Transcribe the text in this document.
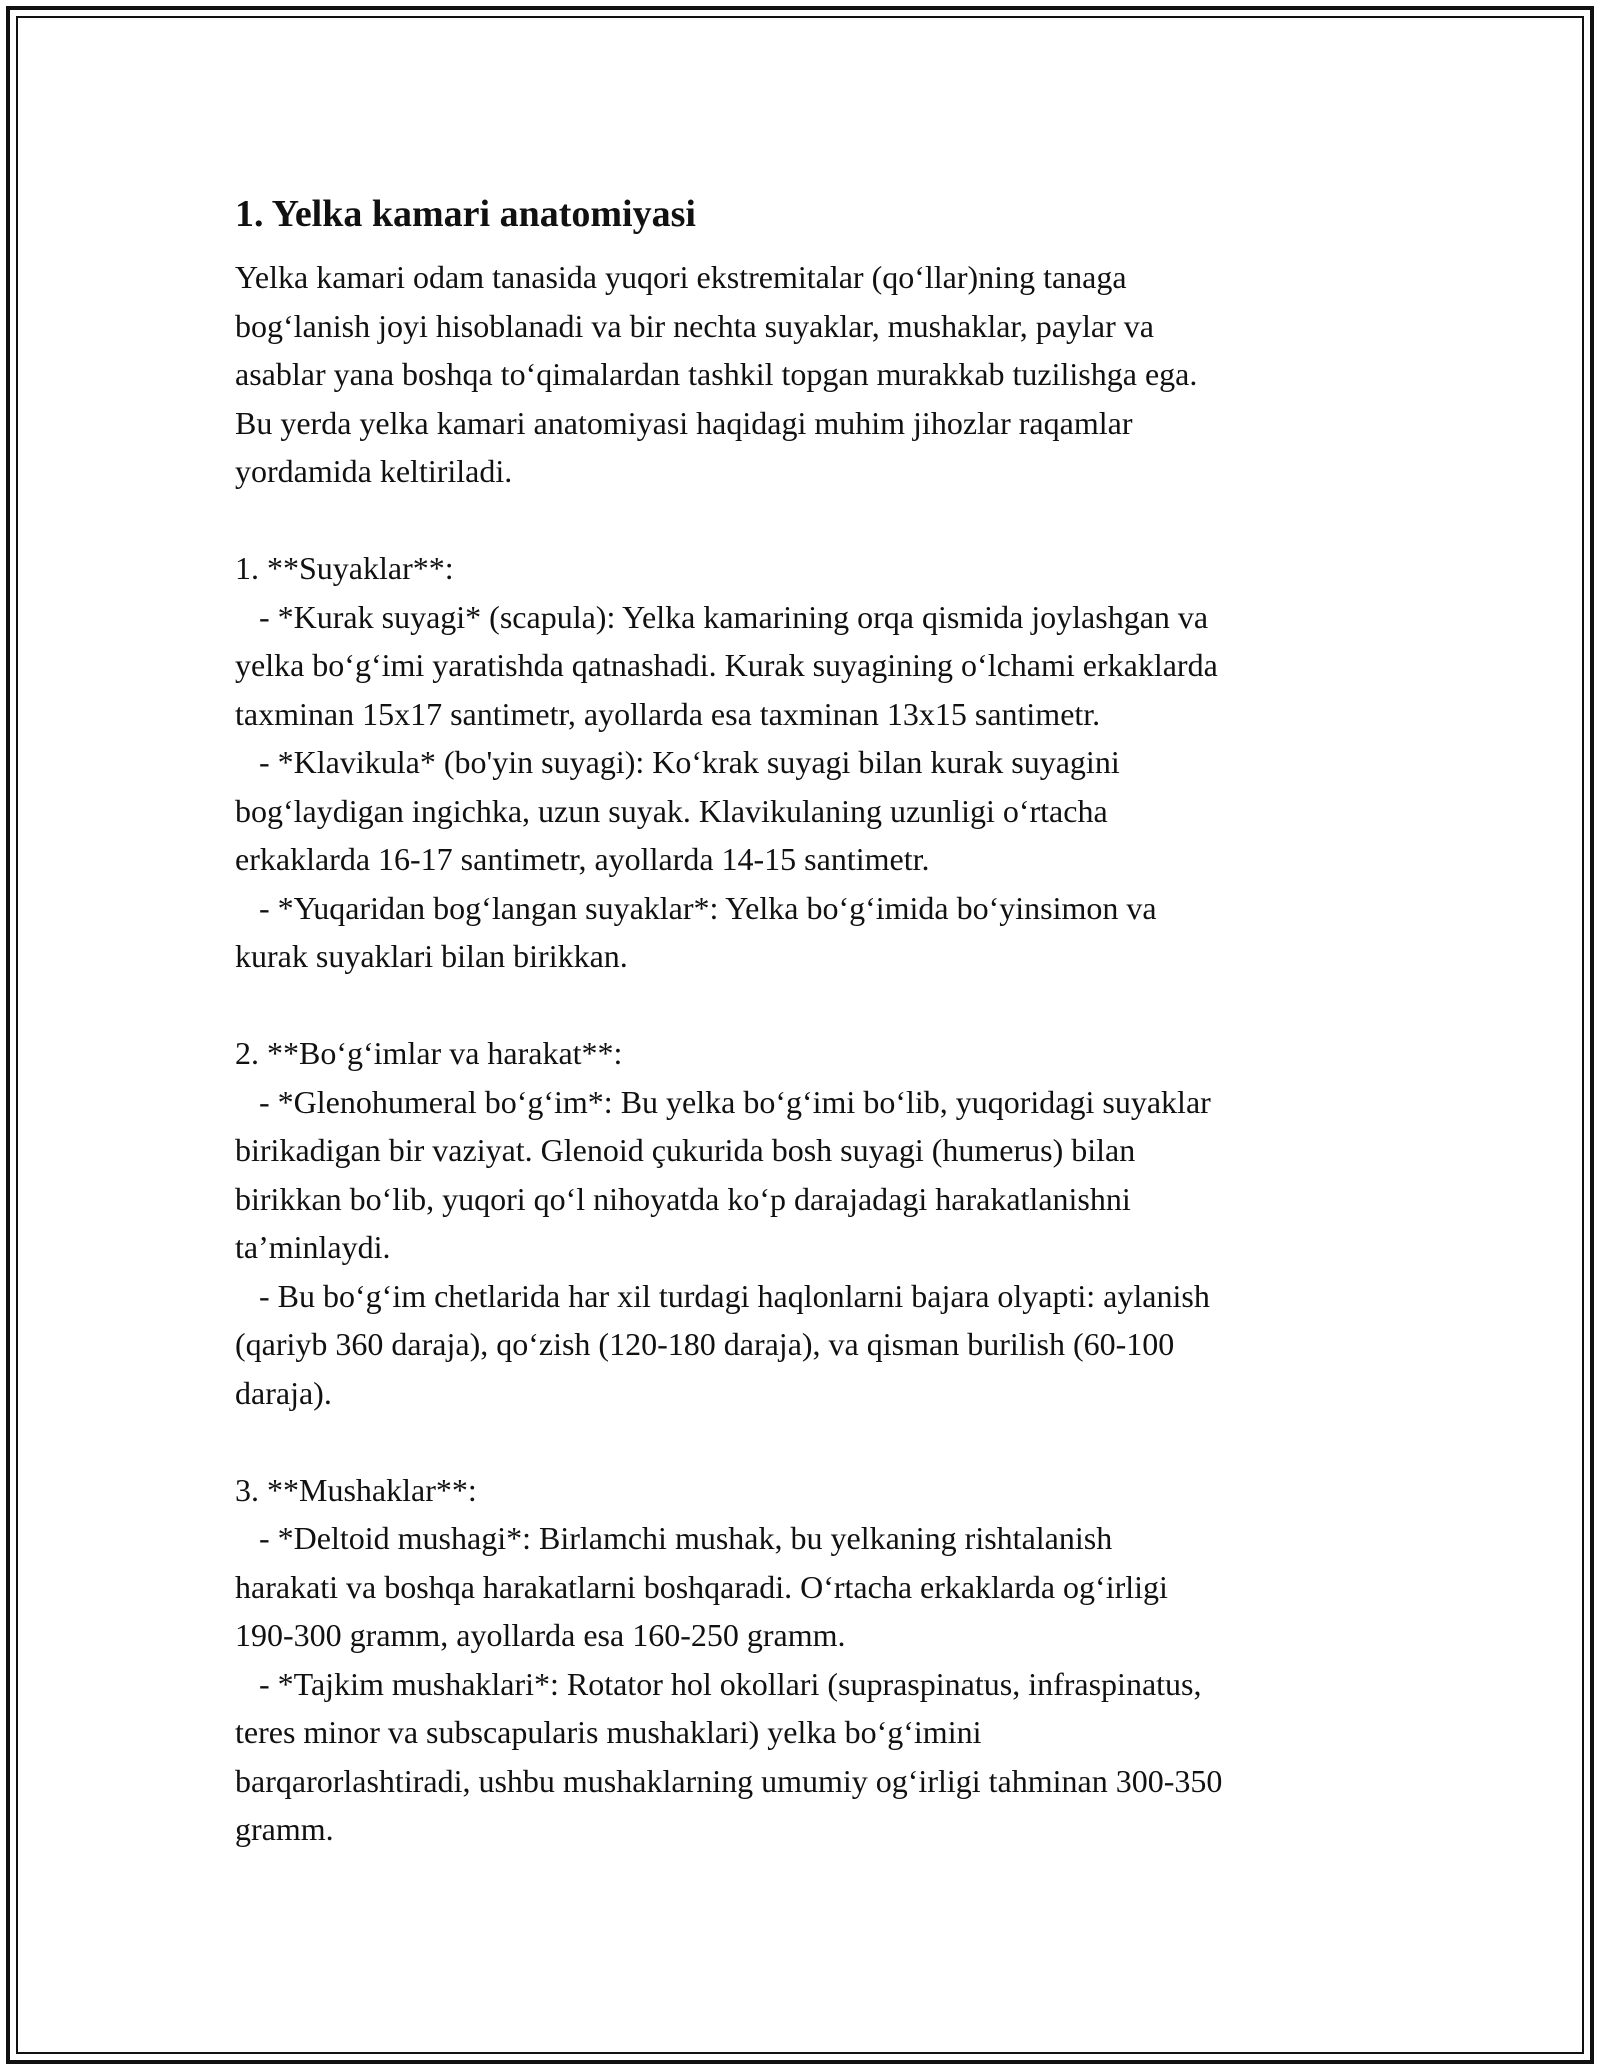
1. Yelka kamari anatomiyasi
Yelka kamari odam tanasida yuqori ekstremitalar (qo‘llar)ning tanaga
bog‘lanish joyi hisoblanadi va bir nechta suyaklar, mushaklar, paylar va
asablar yana boshqa to‘qimalardan tashkil topgan murakkab tuzilishga ega.
Bu yerda yelka kamari anatomiyasi haqidagi muhim jihozlar raqamlar
yordamida keltiriladi.
1. **Suyaklar**:
- *Kurak suyagi* (scapula): Yelka kamarining orqa qismida joylashgan va
yelka bo‘g‘imi yaratishda qatnashadi. Kurak suyagining o‘lchami erkaklarda
taxminan 15x17 santimetr, ayollarda esa taxminan 13x15 santimetr.
- *Klavikula* (bo'yin suyagi): Ko‘krak suyagi bilan kurak suyagini
bog‘laydigan ingichka, uzun suyak. Klavikulaning uzunligi o‘rtacha
erkaklarda 16-17 santimetr, ayollarda 14-15 santimetr.
- *Yuqaridan bog‘langan suyaklar*: Yelka bo‘g‘imida bo‘yinsimon va
kurak suyaklari bilan birikkan.
2. **Bo‘g‘imlar va harakat**:
- *Glenohumeral bo‘g‘im*: Bu yelka bo‘g‘imi bo‘lib, yuqoridagi suyaklar
birikadigan bir vaziyat. Glenoid çukurida bosh suyagi (humerus) bilan
birikkan bo‘lib, yuqori qo‘l nihoyatda ko‘p darajadagi harakatlanishni
ta’minlaydi.
- Bu bo‘g‘im chetlarida har xil turdagi haqlonlarni bajara olyapti: aylanish
(qariyb 360 daraja), qo‘zish (120-180 daraja), va qisman burilish (60-100
daraja).
3. **Mushaklar**:
- *Deltoid mushagi*: Birlamchi mushak, bu yelkaning rishtalanish
harakati va boshqa harakatlarni boshqaradi. O‘rtacha erkaklarda og‘irligi
190-300 gramm, ayollarda esa 160-250 gramm.
- *Tajkim mushaklari*: Rotator hol okollari (supraspinatus, infraspinatus,
teres minor va subscapularis mushaklari) yelka bo‘g‘imini
barqarorlashtiradi, ushbu mushaklarning umumiy og‘irligi tahminan 300-350
gramm.
